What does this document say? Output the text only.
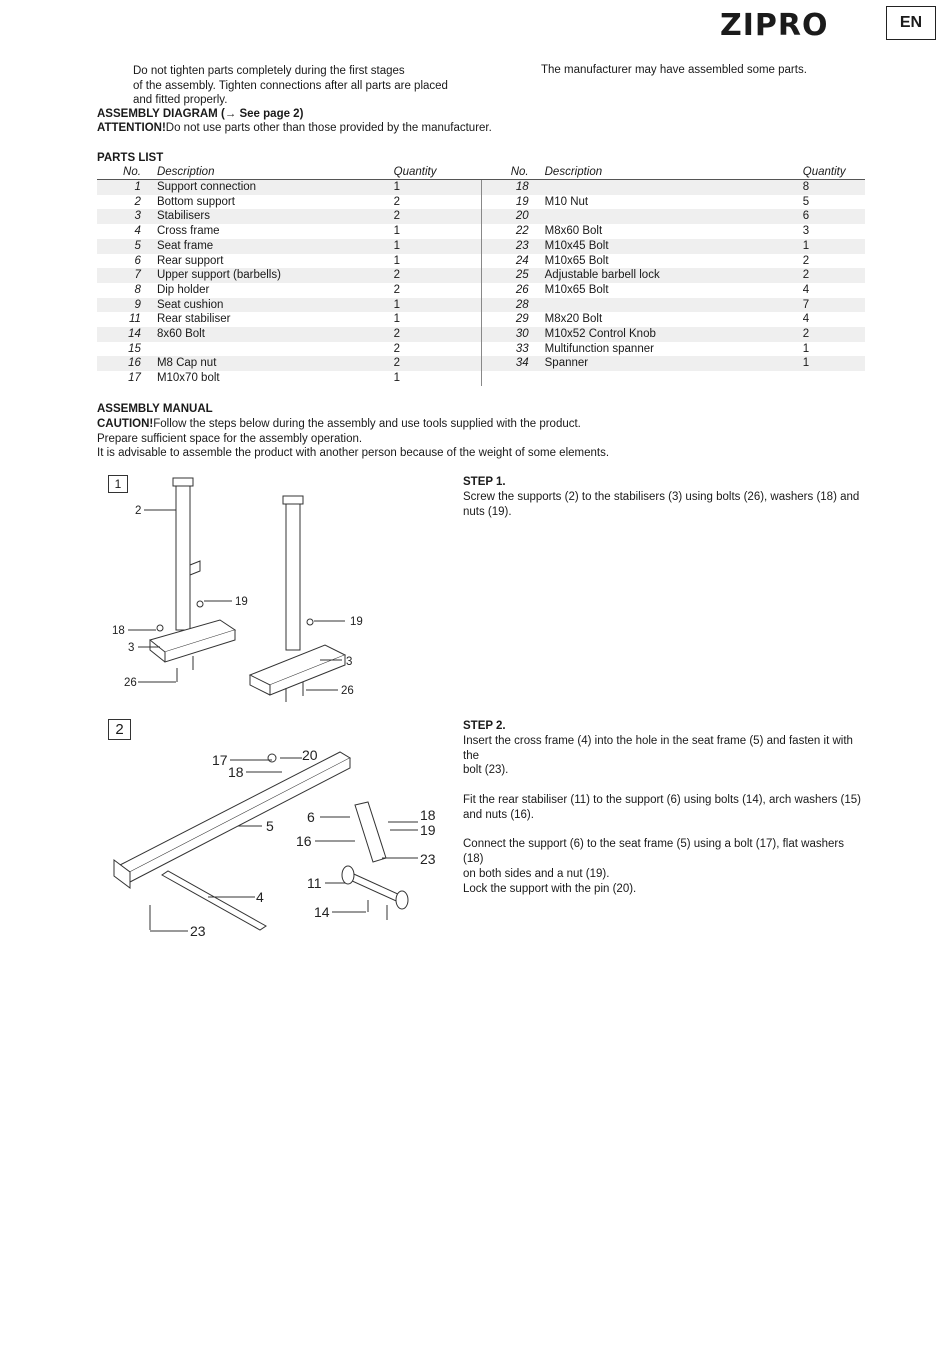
ZIPRO	EN
Do not tighten parts completely during the first stages
of the assembly. Tighten connections after all parts are placed
and fitted properly.
The manufacturer may have assembled some parts.
ASSEMBLY DIAGRAM (→ See page 2)
ATTENTION!Do not use parts other than those provided by the manufacturer.
PARTS LIST
No.	Description	Quantity	No.	Description	Quantity
1	Support connection	1	18		8
2	Bottom support	2	19	M10 Nut	5
3	Stabilisers	2	20		6
4	Cross frame	1	22	M8x60 Bolt	3
5	Seat frame	1	23	M10x45 Bolt	1
6	Rear support	1	24	M10x65 Bolt	2
7	Upper support (barbells)	2	25	Adjustable barbell lock	2
8	Dip holder	2	26	M10x65 Bolt	4
9	Seat cushion	1	28		7
11	Rear stabiliser	1	29	M8x20 Bolt	4
14	8x60 Bolt	2	30	M10x52 Control Knob	2
15		2	33	Multifunction spanner	1
16	M8 Cap nut	2	34	Spanner	1
17	M10x70 bolt	1			
ASSEMBLY MANUAL
CAUTION!Follow the steps below during the assembly and use tools supplied with the product.
Prepare sufficient space for the assembly operation.
It is advisable to assemble the product with another person because of the weight of some elements.
1	STEP 1.
Screw the supports (2) to the stabilisers (3) using bolts (26), washers (18) and
nuts (19).
2
19
18
3
26
19
3
26
2	STEP 2.
Insert the cross frame (4) into the hole in the seat frame (5) and fasten it with the
bolt (23).
Fit the rear stabiliser (11) to the support (6) using bolts (14), arch washers (15)
and nuts (16).
Connect the support (6) to the seat frame (5) using a bolt (17), flat washers (18)
on both sides and a nut (19).
Lock the support with the pin (20).
17	20
18
5
6	18
19
16
23
11
4
14
23
